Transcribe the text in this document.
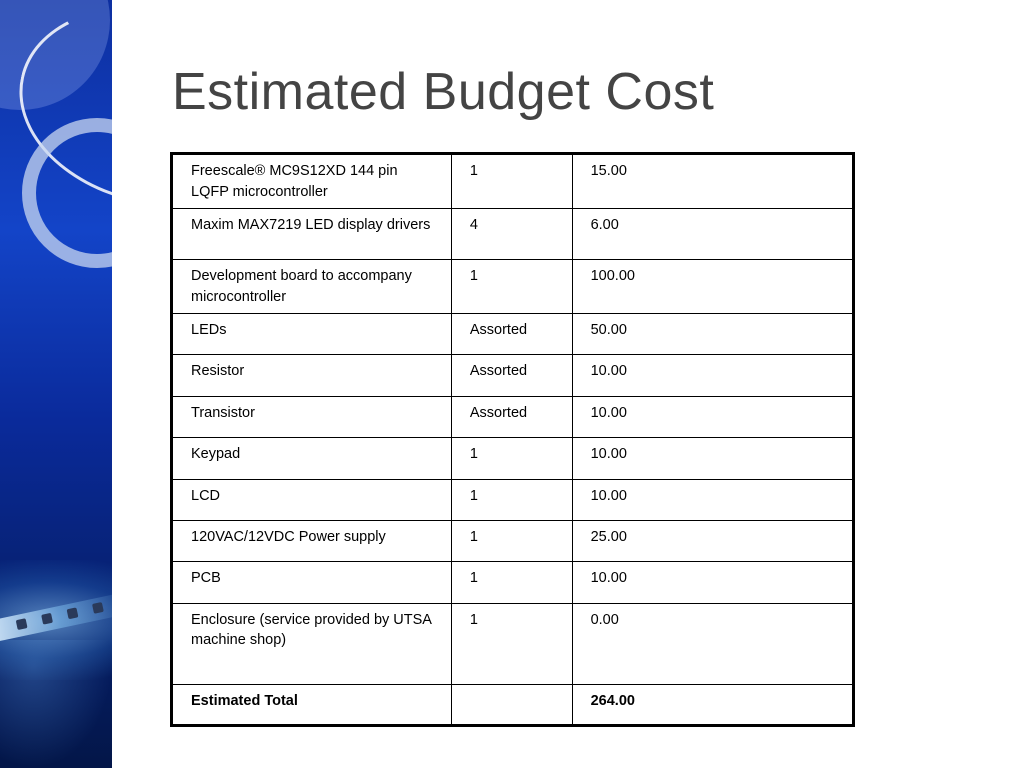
Estimated Budget Cost
Freescale® MC9S12XD 144 pin LQFP microcontroller	1	15.00
Maxim MAX7219 LED display drivers	4	6.00
Development board to accompany microcontroller	1	100.00
LEDs	Assorted	50.00
Resistor	Assorted	10.00
Transistor	Assorted	10.00
Keypad	1	10.00
LCD	1	10.00
120VAC/12VDC Power supply	1	25.00
PCB	1	10.00
Enclosure (service provided by UTSA machine shop)	1	0.00
Estimated Total		264.00
